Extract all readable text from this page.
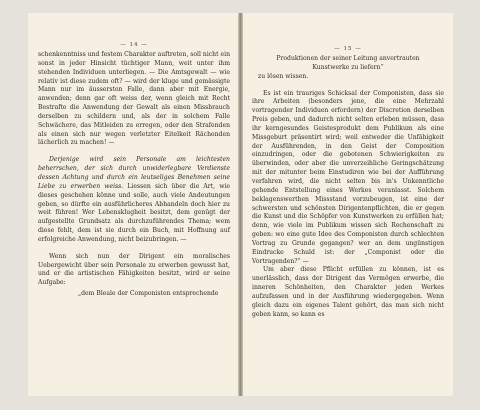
— 14 —

schenkenntniss und festem Charakter auftreten, soll nicht ein sonst in jeder Hinsicht tüchtiger Mann, weit unter ihm stehenden Individuen unterliegen. — Die Amtsgewalt — wie relativ ist diese zudem oft? — wird der kluge und gemässigte Mann nur im äussersten Falle, dann aber mit Energie, anwenden; denn gar oft weiss der, wenn gleich mit Recht Bestrafte die Anwendung der Gewalt als einen Missbrauch derselben zu schildern und, als der in solchem Falle Schwächere, das Mitleiden zu erregen, oder den Strafenden als einen sich nur wegen verletzter Eitelkeit Rächenden lächerlich zu machen! —

Derjenige wird sein Personale am leichtesten beherrschen, der sich durch unwiderlegbare Verdienste dessen Achtung und durch ein leutseliges Benehmen seine Liebe zu erwerben weiss. Liessen sich über die Art, wie dieses geschehen könne und solle, auch viele Andeutungen geben, so dürfte ein ausführlicheres Abhandeln doch hier zu weit führen! Wer Lebensklugheit besitzt, dem genügt der aufgestellte Grundsatz als durchzuführendes Thema; wem diese fehlt, dem ist sie durch ein Buch, mit Hoffnung auf erfolgreiche Anwendung, nicht beizubringen. —

Wenn sich nun der Dirigent ein moralisches Uebergewicht über sein Personale zu erwerben gewusst hat, und er die artistischen Fähigkeiten besitzt, wird er seine Aufgabe:

„dem Bleale der Componisten entsprechende

— 15 —

Produktionen der seiner Leitung anvertrauten

Kunstwerke zu liefern“

zu lösen wissen.

Es ist ein trauriges Schicksal der Componisten, dass sie ihre Arbeiten (besonders jene, die eine Mehrzahl vortragender Individuen erfordern) der Discretion derselben Preis geben, und dadurch nicht selten erleben müssen, dass ihr kerngesundes Geistesprodukt dem Publikum als eine Missgeburt präsentirt wird; weil entweder die Unfähigkeit der Ausführenden, in den Geist der Composition einzudringen, oder die gebotenen Schwierigkeiten zu überwinden, oder aber die unverzeihliche Geringschätzung mit der mitunter beim Einstudiren wie bei der Aufführung verfahren wird, die nicht selten bis in's Unkenntliche gehende Entstellung eines Werkes veranlasst. Solchem beklagenswerthen Missstand vorzubeugen, ist eine der schwersten und schönsten Dirigentenpflichten, die er gegen die Kunst und die Schöpfer von Kunstwerken zu erfüllen hat; denn, wie viele im Publikum wissen sich Rechenschaft zu geben: wo eine gute Idee des Componisten durch schlechten Vortrag zu Grunde gegangen? wer an dem ungünstigen Eindrucke Schuld ist: der „Componist oder die Vortragenden?“ —

Um aber diese Pflicht erfüllen zu können, ist es unerlässlich, dass der Dirigent das Vermögen erwerbe, die inneren Schönheiten, den Charakter jeden Werkes aufzufassen und in der Ausführung wiedergegeben. Wenn gleich dazu ein eigenes Talent gehört, das man sich nicht geben kann, so kann es
